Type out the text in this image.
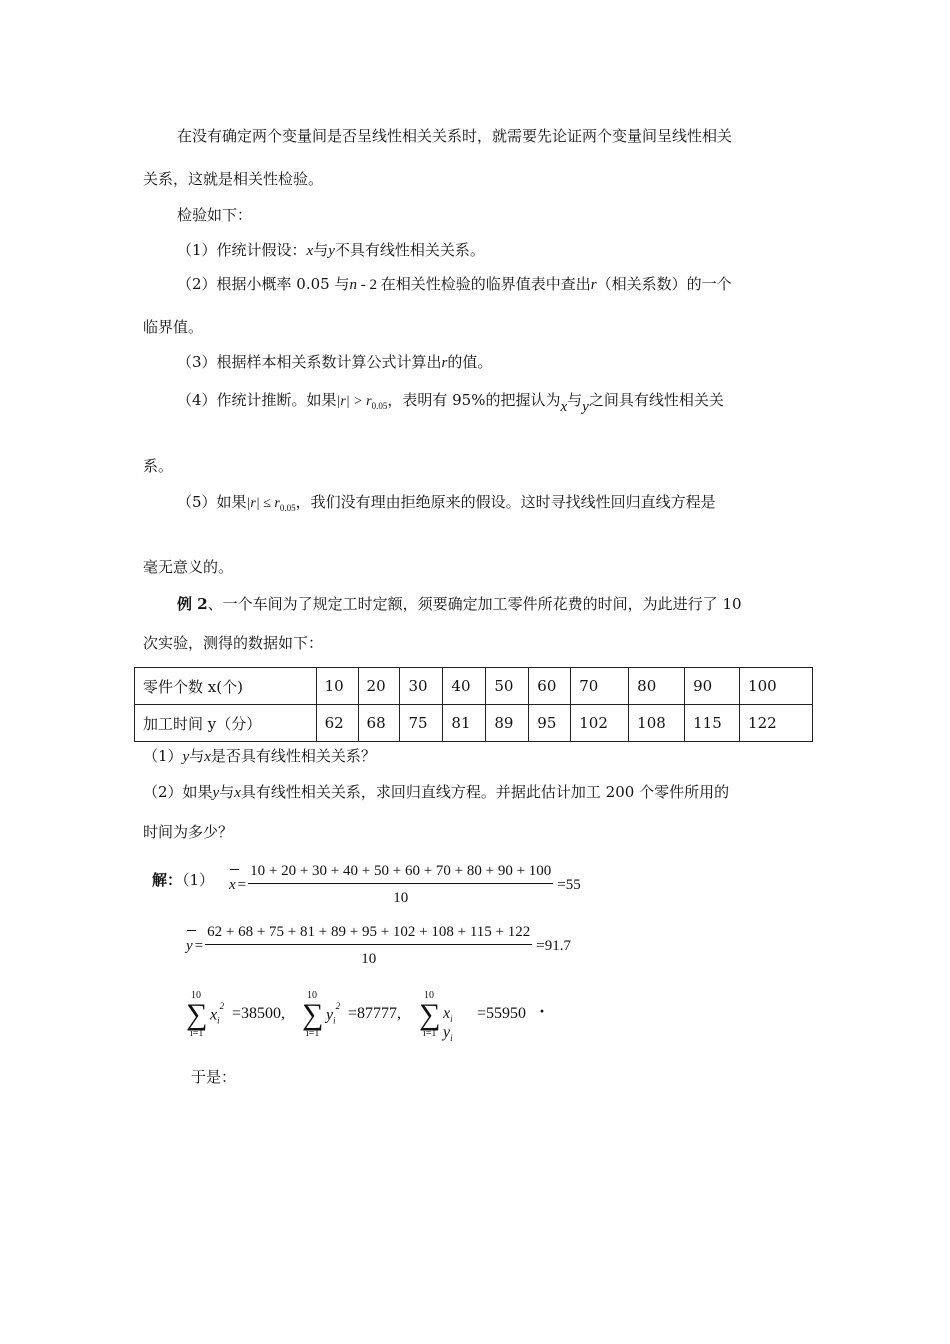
在没有确定两个变量间是否呈线性相关关系时，就需要先论证两个变量间呈线性相关
关系，这就是相关性检验。
检验如下：
（1）作统计假设：x与y不具有线性相关关系。
（2）根据小概率 0.05 与n - 2 在相关性检验的临界值表中查出r（相关系数）的一个
临界值。
（3）根据样本相关系数计算公式计算出r的值。
（4）作统计推断。如果$|r| > r_{0.05}$，表明有 95%的把握认为x与y之间具有线性相关关
系。
（5）如果$|r| \le r_{0.05}$，我们没有理由拒绝原来的假设。这时寻找线性回归直线方程是
毫无意义的。
例 2、一个车间为了规定工时定额，须要确定加工零件所花费的时间，为此进行了 10
次实验，测得的数据如下：
零件个数 x(个)	10	20	30	40	50	60	70	80	90	100
加工时间 y（分）	62	68	75	81	89	95	102	108	115	122
（1）y与x是否具有线性相关关系？
（2）如果y与x具有线性相关关系，求回归直线方程。并据此估计加工 200 个零件所用的
时间为多少？
解：（1） $x = \frac{10 + 20 + 30 + 40 + 50 + 60 + 70 + 80 + 90 + 100}{10} =55$
$y = \frac{62 + 68 + 75 + 81 + 89 + 95 + 102 + 108 + 115 + 122}{10} =91.7$
10
∑
i=1
$x_i^2 =38500$,
10
∑
i=1
$y_i^2 =87777$,
10
∑
i=1
$x_i$ $y_i$
=55950 ·
于是：
